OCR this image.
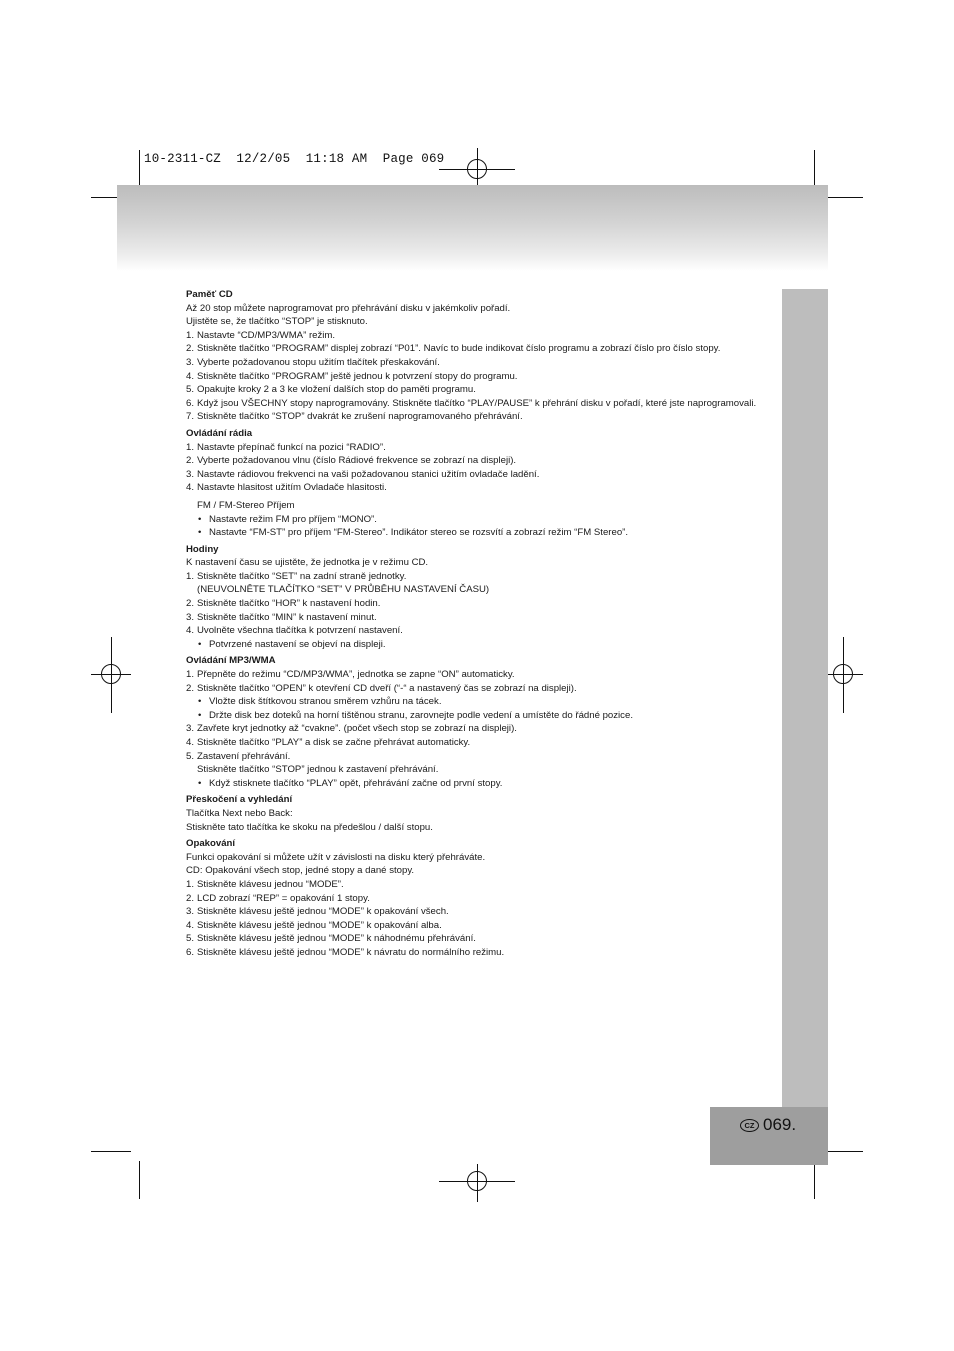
10-2311-CZ  12/2/05  11:18 AM  Page 069
CZ 069.
Paměť CD
Až 20 stop můžete naprogramovat pro přehrávání disku v jakémkoliv pořadí.
Ujistěte se, že tlačítko “STOP” je stisknuto.
1. Nastavte “CD/MP3/WMA” režim.
2. Stiskněte tlačítko “PROGRAM” displej zobrazí “P01”. Navíc to bude indikovat číslo programu a zobrazí číslo pro číslo stopy.
3. Vyberte požadovanou stopu užitím tlačítek přeskakování.
4. Stiskněte tlačítko “PROGRAM” ještě jednou k potvrzení stopy do programu.
5. Opakujte kroky 2 a 3 ke vložení dalších stop do paměti programu.
6. Když jsou VŠECHNY stopy naprogramovány. Stiskněte tlačítko “PLAY/PAUSE” k přehrání disku v pořadí, které jste naprogramovali.
7. Stiskněte tlačítko “STOP” dvakrát ke zrušení naprogramovaného přehrávání.
Ovládání rádia
1. Nastavte přepínač funkcí na pozici “RADIO”.
2. Vyberte požadovanou vlnu (číslo Rádiové frekvence se zobrazí na displeji).
3. Nastavte rádiovou frekvenci na vaši požadovanou stanici užitím ovladače ladění.
4. Nastavte hlasitost užitím Ovladače hlasitosti.
FM / FM-Stereo Příjem
• Nastavte režim FM pro příjem “MONO”.
• Nastavte “FM-ST” pro příjem “FM-Stereo”. Indikátor stereo se rozsvítí a zobrazí režim “FM Stereo”.
Hodiny
K nastavení času se ujistěte, že jednotka je v režimu CD.
1. Stiskněte tlačítko “SET” na zadní straně jednotky.
(NEUVOLNĚTE TLAČÍTKO “SET” V PRŮBĚHU NASTAVENÍ ČASU)
2. Stiskněte tlačítko “HOR” k nastavení hodin.
3. Stiskněte tlačítko “MIN” k nastavení minut.
4. Uvolněte všechna tlačítka k potvrzení nastavení.
• Potvrzené nastavení se objeví na displeji.
Ovládání MP3/WMA
1. Přepněte do režimu “CD/MP3/WMA”, jednotka se zapne “ON” automaticky.
2. Stiskněte tlačítko “OPEN” k otevření CD dveří (“-“ a nastavený čas se zobrazí na displeji).
• Vložte disk štítkovou stranou směrem vzhůru na tácek.
• Držte disk bez doteků na horní tištěnou stranu, zarovnejte podle vedení a umístěte do řádné pozice.
3. Zavřete kryt jednotky až “cvakne”. (počet všech stop se zobrazí na displeji).
4. Stiskněte tlačítko “PLAY” a disk se začne přehrávat automaticky.
5. Zastavení přehrávání.
Stiskněte tlačítko “STOP” jednou k zastavení přehrávání.
• Když stisknete tlačítko “PLAY” opět, přehrávání začne od první stopy.
Přeskočení a vyhledání
Tlačítka Next nebo Back:
Stiskněte tato tlačítka ke skoku na předešlou / další stopu.
Opakování
Funkci opakování si můžete užít v závislosti na disku který přehráváte.
CD: Opakování všech stop, jedné stopy a dané stopy.
1. Stiskněte klávesu jednou “MODE”.
2. LCD zobrazí “REP” = opakování 1 stopy.
3. Stiskněte klávesu ještě jednou “MODE” k opakování všech.
4. Stiskněte klávesu ještě jednou “MODE” k opakování alba.
5. Stiskněte klávesu ještě jednou “MODE” k náhodnému přehrávání.
6. Stiskněte klávesu ještě jednou “MODE” k návratu do normálního režimu.
